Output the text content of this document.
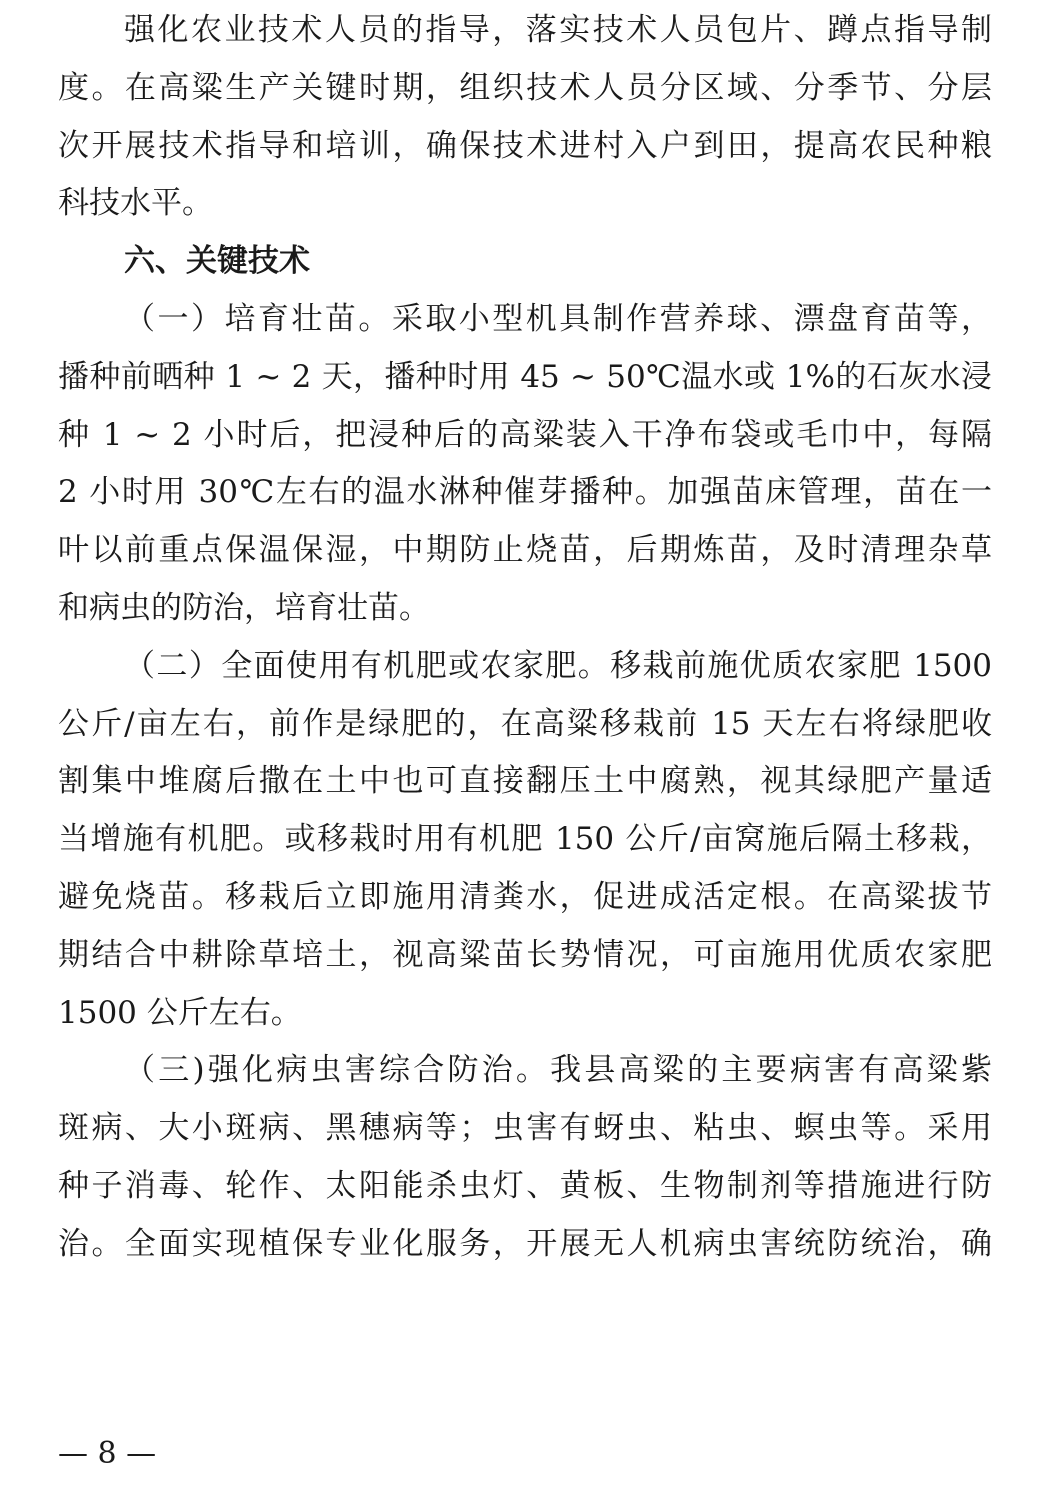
强化农业技术人员的指导，落实技术人员包片、蹲点指导制
度。在高粱生产关键时期，组织技术人员分区域、分季节、分层
次开展技术指导和培训，确保技术进村入户到田，提高农民种粮
科技水平。
六、关键技术
（一）培育壮苗。采取小型机具制作营养球、漂盘育苗等，
播种前晒种 1 ~ 2 天，播种时用 45 ~ 50℃温水或 1%的石灰水浸
种 1 ~ 2 小时后，把浸种后的高粱装入干净布袋或毛巾中，每隔
2 小时用 30℃左右的温水淋种催芽播种。加强苗床管理，苗在一
叶以前重点保温保湿，中期防止烧苗，后期炼苗，及时清理杂草
和病虫的防治，培育壮苗。
（二）全面使用有机肥或农家肥。移栽前施优质农家肥 1500
公斤/亩左右，前作是绿肥的，在高粱移栽前 15 天左右将绿肥收
割集中堆腐后撒在土中也可直接翻压土中腐熟，视其绿肥产量适
当增施有机肥。或移栽时用有机肥 150 公斤/亩窝施后隔土移栽，
避免烧苗。移栽后立即施用清粪水，促进成活定根。在高粱拔节
期结合中耕除草培土，视高粱苗长势情况，可亩施用优质农家肥
1500 公斤左右。
（三)强化病虫害综合防治。我县高粱的主要病害有高粱紫
斑病、大小斑病、黑穗病等；虫害有蚜虫、粘虫、螟虫等。采用
种子消毒、轮作、太阳能杀虫灯、黄板、生物制剂等措施进行防
治。全面实现植保专业化服务，开展无人机病虫害统防统治，确
— 8 —
